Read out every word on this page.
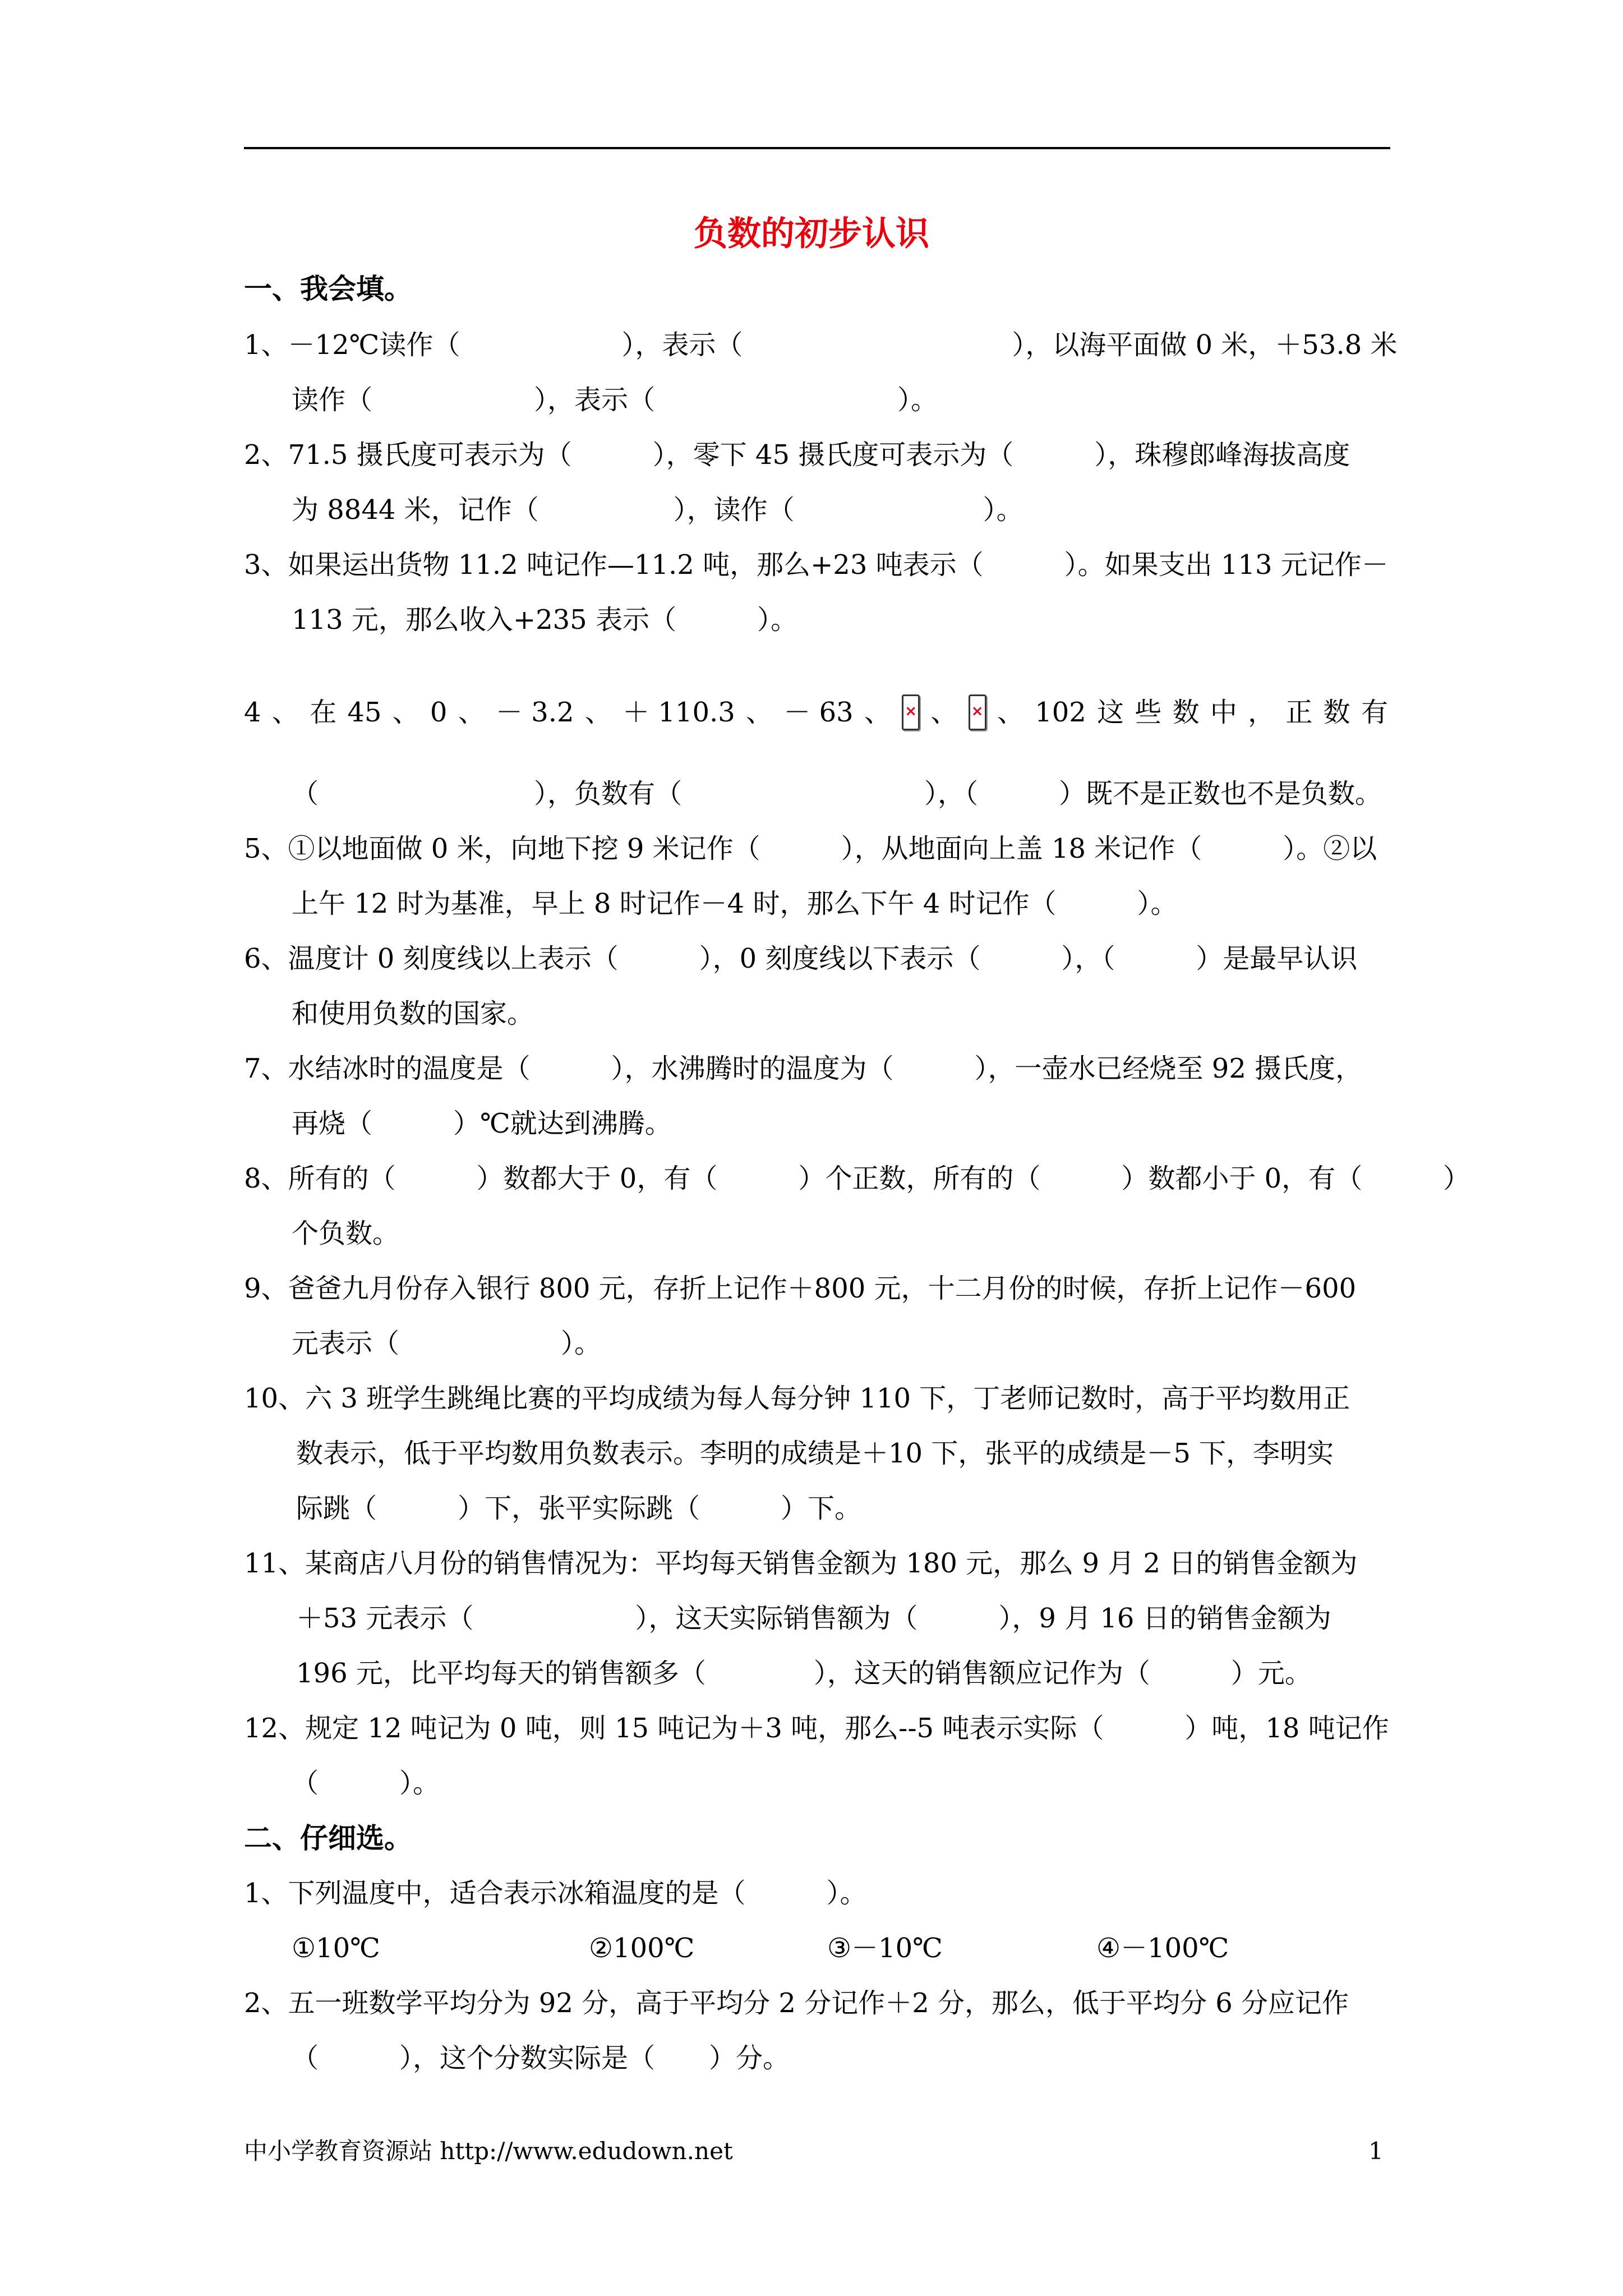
负数的初步认识
一、我会填。
1、－12℃读作（　　　　　　），表示（　　　　　　　　　　），以海平面做 0 米，＋53.8 米
读作（　　　　　　），表示（　　　　　　　　　）。
2、71.5 摄氏度可表示为（　　　），零下 45 摄氏度可表示为（　　　），珠穆郎峰海拔高度
为 8844 米，记作（　　　　　），读作（　　　　　　　）。
3、如果运出货物 11.2 吨记作—11.2 吨，那么+23 吨表示（　　　）。如果支出 113 元记作－
113 元，那么收入+235 表示（　　　）。
4 、 在 45 、 0 、 － 3.2 、 ＋ 110.3 、 － 63 、 × 、 × 、 102 这 些 数 中 ， 正 数 有
（　　　　　　　　），负数有（　　　　　　　　　），（　　　）既不是正数也不是负数。
5、①以地面做 0 米，向地下挖 9 米记作（　　　），从地面向上盖 18 米记作（　　　）。②以
上午 12 时为基准，早上 8 时记作－4 时，那么下午 4 时记作（　　　）。
6、温度计 0 刻度线以上表示（　　　），0 刻度线以下表示（　　　），（　　　）是最早认识
和使用负数的国家。
7、水结冰时的温度是（　　　），水沸腾时的温度为（　　　），一壶水已经烧至 92 摄氏度，
再烧（　　　）℃就达到沸腾。
8、所有的（　　　）数都大于 0，有（　　　）个正数，所有的（　　　）数都小于 0，有（　　　）
个负数。
9、爸爸九月份存入银行 800 元，存折上记作＋800 元，十二月份的时候，存折上记作－600
元表示（　　　　　　）。
10、六 3 班学生跳绳比赛的平均成绩为每人每分钟 110 下，丁老师记数时，高于平均数用正
数表示，低于平均数用负数表示。李明的成绩是＋10 下，张平的成绩是－5 下，李明实
际跳（　　　）下，张平实际跳（　　　）下。
11、某商店八月份的销售情况为：平均每天销售金额为 180 元，那么 9 月 2 日的销售金额为
＋53 元表示（　　　　　　），这天实际销售额为（　　　），9 月 16 日的销售金额为
196 元，比平均每天的销售额多（　　　　），这天的销售额应记作为（　　　）元。
12、规定 12 吨记为 0 吨，则 15 吨记为＋3 吨，那么--5 吨表示实际（　　　）吨，18 吨记作
（　　　）。
二、仔细选。
1、下列温度中，适合表示冰箱温度的是（　　　）。
①10℃	②100℃	③－10℃	④－100℃
2、五一班数学平均分为 92 分，高于平均分 2 分记作＋2 分，那么，低于平均分 6 分应记作
（　　　），这个分数实际是（　　）分。
中小学教育资源站 http://www.edudown.net	1
